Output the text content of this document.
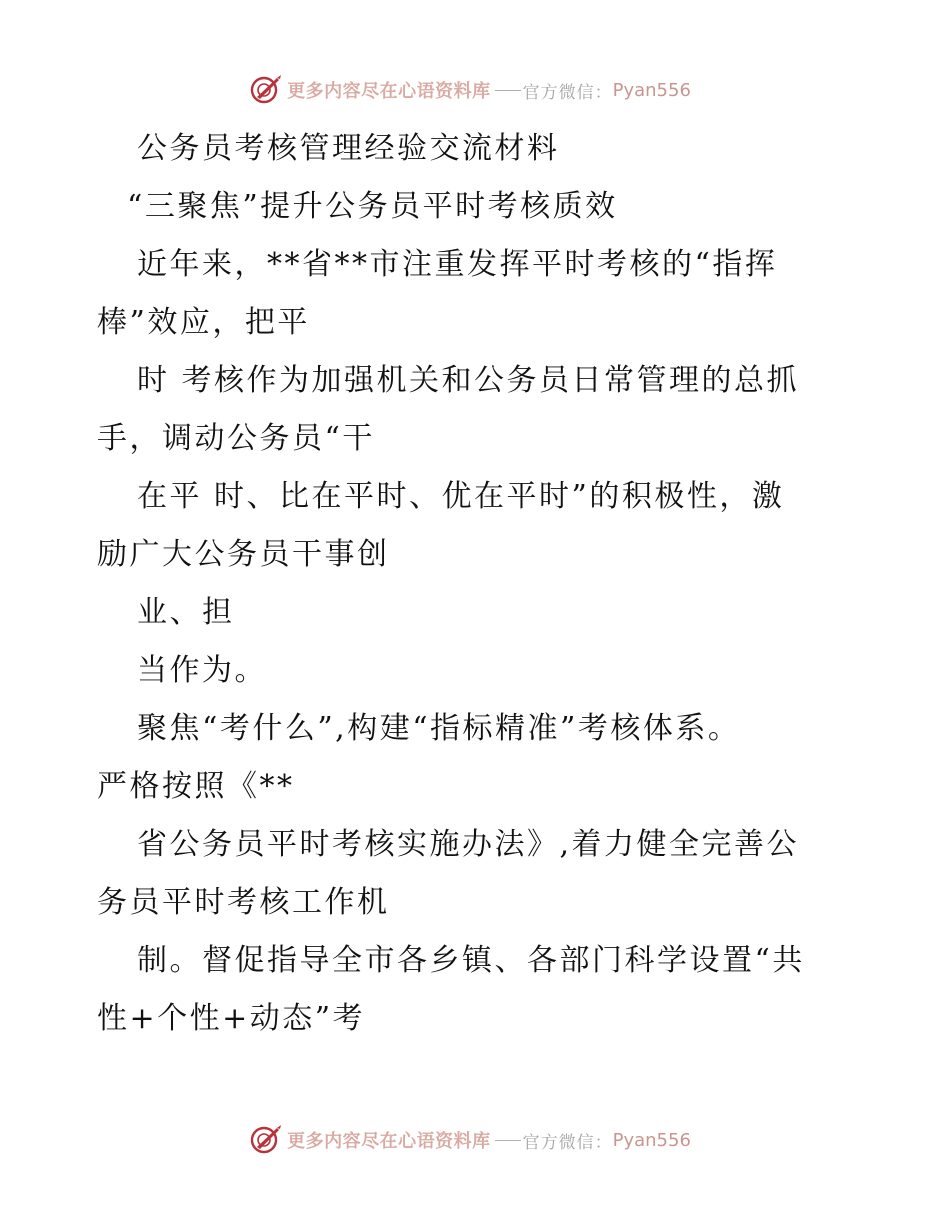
更多内容尽在心语资料库 官方微信： Pyan556
公务员考核管理经验交流材料
“三聚焦”提升公务员平时考核质效
近年来，**省**市注重发挥平时考核的“指挥
棒”效应，把平
时 考核作为加强机关和公务员日常管理的总抓
手，调动公务员“干
在平 时、比在平时、优在平时”的积极性，激
励广大公务员干事创
业、担
当作为。
聚焦“考什么”,构建“指标精准”考核体系。
严格按照《**
省公务员平时考核实施办法》,着力健全完善公
务员平时考核工作机
制。督促指导全市各乡镇、各部门科学设置“共
性+个性+动态”考
更多内容尽在心语资料库 官方微信： Pyan556
